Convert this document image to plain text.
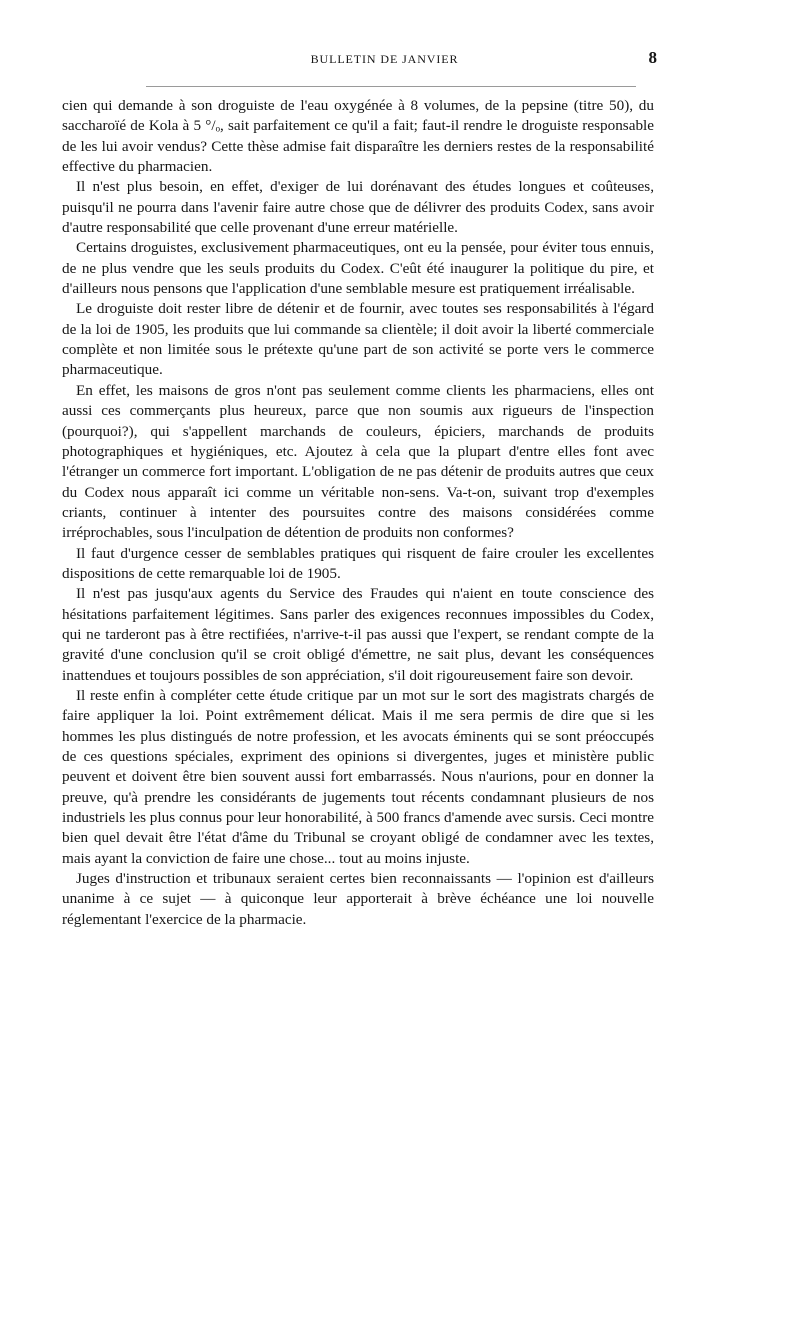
BULLETIN DE JANVIER	8

cien qui demande à son droguiste de l'eau oxygénée à 8 volumes, de la pepsine (titre 50), du saccharoïé de Kola à 5 °/ₒ, sait parfaitement ce qu'il a fait; faut-il rendre le droguiste responsable de les lui avoir vendus? Cette thèse admise fait disparaître les derniers restes de la responsabilité effective du pharmacien.

Il n'est plus besoin, en effet, d'exiger de lui dorénavant des études longues et coûteuses, puisqu'il ne pourra dans l'avenir faire autre chose que de délivrer des produits Codex, sans avoir d'autre responsabilité que celle provenant d'une erreur matérielle.

Certains droguistes, exclusivement pharmaceutiques, ont eu la pensée, pour éviter tous ennuis, de ne plus vendre que les seuls produits du Codex. C'eût été inaugurer la politique du pire, et d'ailleurs nous pensons que l'application d'une semblable mesure est pratiquement irréalisable.

Le droguiste doit rester libre de détenir et de fournir, avec toutes ses responsabilités à l'égard de la loi de 1905, les produits que lui commande sa clientèle; il doit avoir la liberté commerciale complète et non limitée sous le prétexte qu'une part de son activité se porte vers le commerce pharmaceutique.

En effet, les maisons de gros n'ont pas seulement comme clients les pharmaciens, elles ont aussi ces commerçants plus heureux, parce que non soumis aux rigueurs de l'inspection (pourquoi?), qui s'appellent marchands de couleurs, épiciers, marchands de produits photographiques et hygiéniques, etc. Ajoutez à cela que la plupart d'entre elles font avec l'étranger un commerce fort important. L'obligation de ne pas détenir de produits autres que ceux du Codex nous apparaît ici comme un véritable non-sens. Va-t-on, suivant trop d'exemples criants, continuer à intenter des poursuites contre des maisons considérées comme irréprochables, sous l'inculpation de détention de produits non conformes?

Il faut d'urgence cesser de semblables pratiques qui risquent de faire crouler les excellentes dispositions de cette remarquable loi de 1905.

Il n'est pas jusqu'aux agents du Service des Fraudes qui n'aient en toute conscience des hésitations parfaitement légitimes. Sans parler des exigences reconnues impossibles du Codex, qui ne tarderont pas à être rectifiées, n'arrive-t-il pas aussi que l'expert, se rendant compte de la gravité d'une conclusion qu'il se croit obligé d'émettre, ne sait plus, devant les conséquences inattendues et toujours possibles de son appréciation, s'il doit rigoureusement faire son devoir.

Il reste enfin à compléter cette étude critique par un mot sur le sort des magistrats chargés de faire appliquer la loi. Point extrêmement délicat. Mais il me sera permis de dire que si les hommes les plus distingués de notre profession, et les avocats éminents qui se sont préoccupés de ces questions spéciales, expriment des opinions si divergentes, juges et ministère public peuvent et doivent être bien souvent aussi fort embarrassés. Nous n'aurions, pour en donner la preuve, qu'à prendre les considérants de jugements tout récents condamnant plusieurs de nos industriels les plus connus pour leur honorabilité, à 500 francs d'amende avec sursis. Ceci montre bien quel devait être l'état d'âme du Tribunal se croyant obligé de condamner avec les textes, mais ayant la conviction de faire une chose... tout au moins injuste.

Juges d'instruction et tribunaux seraient certes bien reconnaissants — l'opinion est d'ailleurs unanime à ce sujet — à quiconque leur apporterait à brève échéance une loi nouvelle réglementant l'exercice de la pharmacie.
